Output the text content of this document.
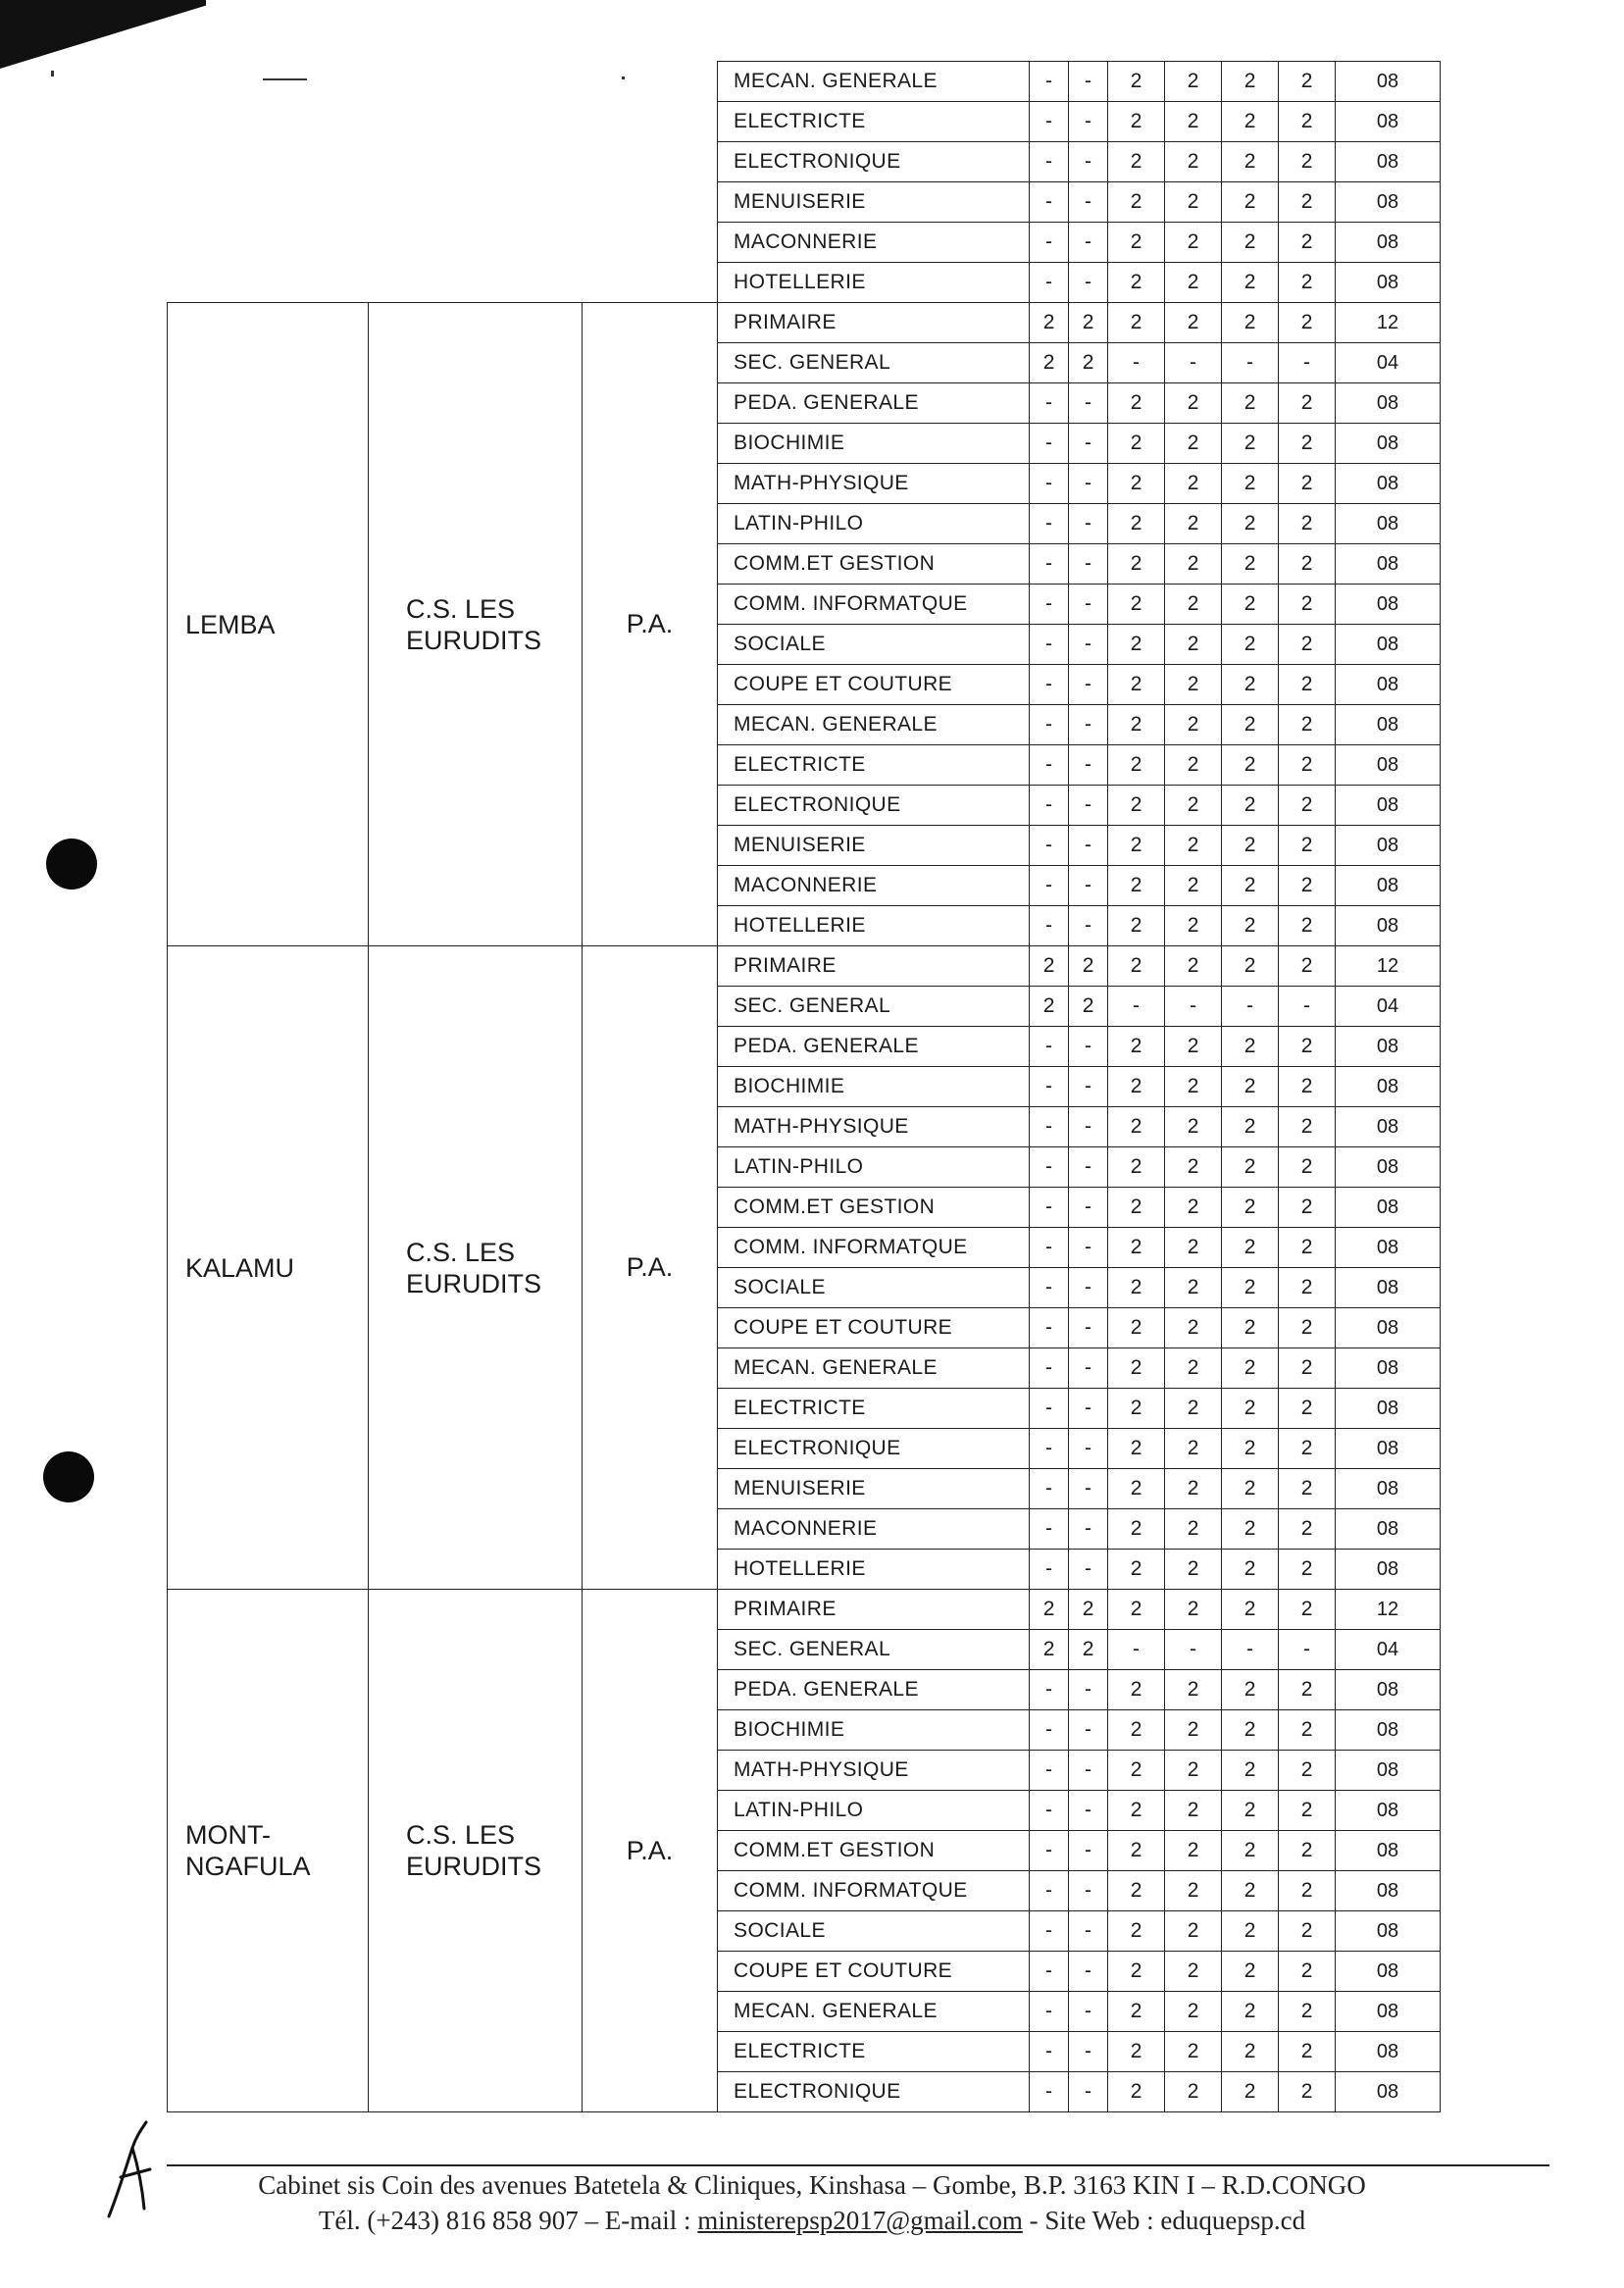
			MECAN. GENERALE	-	-	2	2	2	2	08
			ELECTRICTE	-	-	2	2	2	2	08
			ELECTRONIQUE	-	-	2	2	2	2	08
			MENUISERIE	-	-	2	2	2	2	08
			MACONNERIE	-	-	2	2	2	2	08
			HOTELLERIE	-	-	2	2	2	2	08
LEMBA	C.S. LES EURUDITS	P.A.	PRIMAIRE	2	2	2	2	2	2	12
			SEC. GENERAL	2	2	-	-	-	-	04
			PEDA. GENERALE	-	-	2	2	2	2	08
			BIOCHIMIE	-	-	2	2	2	2	08
			MATH-PHYSIQUE	-	-	2	2	2	2	08
			LATIN-PHILO	-	-	2	2	2	2	08
			COMM.ET GESTION	-	-	2	2	2	2	08
			COMM. INFORMATQUE	-	-	2	2	2	2	08
			SOCIALE	-	-	2	2	2	2	08
			COUPE ET COUTURE	-	-	2	2	2	2	08
			MECAN. GENERALE	-	-	2	2	2	2	08
			ELECTRICTE	-	-	2	2	2	2	08
			ELECTRONIQUE	-	-	2	2	2	2	08
			MENUISERIE	-	-	2	2	2	2	08
			MACONNERIE	-	-	2	2	2	2	08
			HOTELLERIE	-	-	2	2	2	2	08
KALAMU	C.S. LES EURUDITS	P.A.	PRIMAIRE	2	2	2	2	2	2	12
			SEC. GENERAL	2	2	-	-	-	-	04
			PEDA. GENERALE	-	-	2	2	2	2	08
			BIOCHIMIE	-	-	2	2	2	2	08
			MATH-PHYSIQUE	-	-	2	2	2	2	08
			LATIN-PHILO	-	-	2	2	2	2	08
			COMM.ET GESTION	-	-	2	2	2	2	08
			COMM. INFORMATQUE	-	-	2	2	2	2	08
			SOCIALE	-	-	2	2	2	2	08
			COUPE ET COUTURE	-	-	2	2	2	2	08
			MECAN. GENERALE	-	-	2	2	2	2	08
			ELECTRICTE	-	-	2	2	2	2	08
			ELECTRONIQUE	-	-	2	2	2	2	08
			MENUISERIE	-	-	2	2	2	2	08
			MACONNERIE	-	-	2	2	2	2	08
			HOTELLERIE	-	-	2	2	2	2	08
MONT-NGAFULA	C.S. LES EURUDITS	P.A.	PRIMAIRE	2	2	2	2	2	2	12
			SEC. GENERAL	2	2	-	-	-	-	04
			PEDA. GENERALE	-	-	2	2	2	2	08
			BIOCHIMIE	-	-	2	2	2	2	08
			MATH-PHYSIQUE	-	-	2	2	2	2	08
			LATIN-PHILO	-	-	2	2	2	2	08
			COMM.ET GESTION	-	-	2	2	2	2	08
			COMM. INFORMATQUE	-	-	2	2	2	2	08
			SOCIALE	-	-	2	2	2	2	08
			COUPE ET COUTURE	-	-	2	2	2	2	08
			MECAN. GENERALE	-	-	2	2	2	2	08
			ELECTRICTE	-	-	2	2	2	2	08
			ELECTRONIQUE	-	-	2	2	2	2	08
Cabinet sis Coin des avenues Batetela & Cliniques, Kinshasa – Gombe, B.P. 3163 KIN I – R.D.CONGO
Tél. (+243) 816 858 907 – E-mail : ministerepsp2017@gmail.com - Site Web : eduquepsp.cd
